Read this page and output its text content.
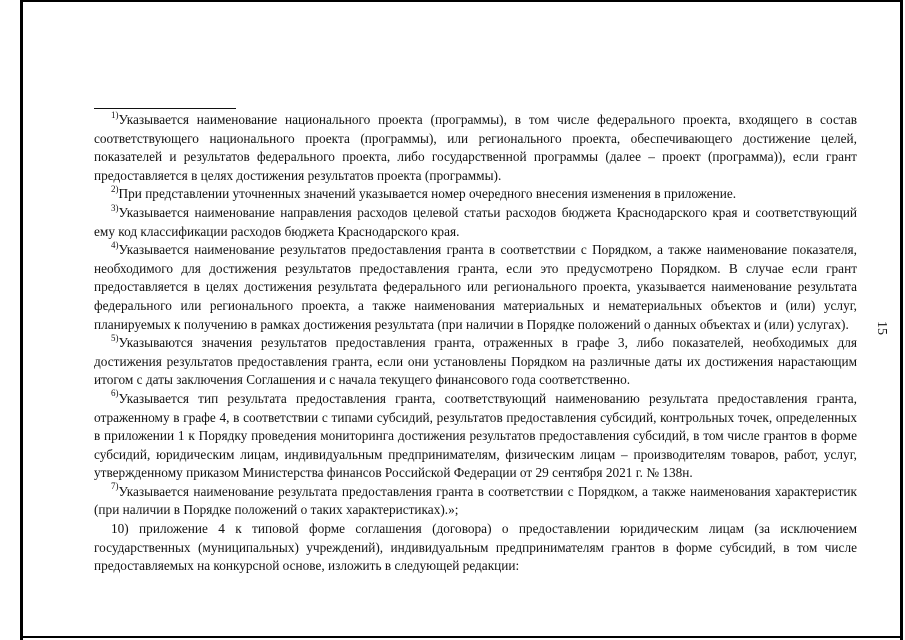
15

$^{1)}$Указывается наименование национального проекта (программы), в том числе федерального проекта, входящего в состав соответствующего национального проекта (программы), или регионального проекта, обеспечивающего достижение целей, показателей и результатов федерального проекта, либо государственной программы (далее – проект (программа)), если грант предоставляется в целях достижения результатов проекта (программы).

$^{2)}$При представлении уточненных значений указывается номер очередного внесения изменения в приложение.

$^{3)}$Указывается наименование направления расходов целевой статьи расходов бюджета Краснодарского края и соответствующий ему код классификации расходов бюджета Краснодарского края.

$^{4)}$Указывается наименование результатов предоставления гранта в соответствии с Порядком, а также наименование показателя, необходимого для достижения результатов предоставления гранта, если это предусмотрено Порядком. В случае если грант предоставляется в целях достижения результата федерального или регионального проекта, указывается наименование результата федерального или регионального проекта, а также наименования материальных и нематериальных объектов и (или) услуг, планируемых к получению в рамках достижения результата (при наличии в Порядке положений о данных объектах и (или) услугах).

$^{5)}$Указываются значения результатов предоставления гранта, отраженных в графе 3, либо показателей, необходимых для достижения результатов предоставления гранта, если они установлены Порядком на различные даты их достижения нарастающим итогом с даты заключения Соглашения и с начала текущего финансового года соответственно.

$^{6)}$Указывается тип результата предоставления гранта, соответствующий наименованию результата предоставления гранта, отраженному в графе 4, в соответствии с типами субсидий, результатов предоставления субсидий, контрольных точек, определенных в приложении 1 к Порядку проведения мониторинга достижения результатов предоставления субсидий, в том числе грантов в форме субсидий, юридическим лицам, индивидуальным предпринимателям, физическим лицам – производителям товаров, работ, услуг, утвержденному приказом Министерства финансов Российской Федерации от 29 сентября 2021 г. № 138н.

$^{7)}$Указывается наименование результата предоставления гранта в соответствии с Порядком, а также наименования характеристик (при наличии в Порядке положений о таких характеристиках).»;

10) приложение 4 к типовой форме соглашения (договора) о предоставлении юридическим лицам (за исключением государственных (муниципальных) учреждений), индивидуальным предпринимателям грантов в форме субсидий, в том числе предоставляемых на конкурсной основе, изложить в следующей редакции:
